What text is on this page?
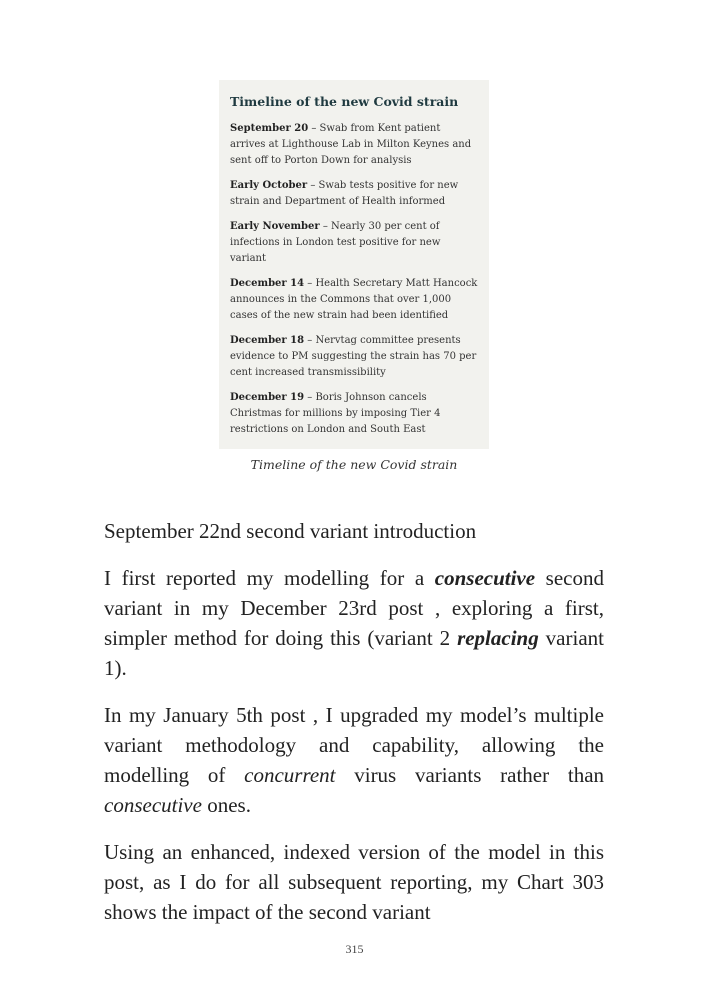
Timeline of the new Covid strain
September 20 – Swab from Kent patient arrives at Lighthouse Lab in Milton Keynes and sent off to Porton Down for analysis
Early October – Swab tests positive for new strain and Department of Health informed
Early November – Nearly 30 per cent of infections in London test positive for new variant
December 14 – Health Secretary Matt Hancock announces in the Commons that over 1,000 cases of the new strain had been identified
December 18 – Nervtag committee presents evidence to PM suggesting the strain has 70 per cent increased transmissibility
December 19 – Boris Johnson cancels Christmas for millions by imposing Tier 4 restrictions on London and South East
Timeline of the new Covid strain
September 22nd second variant introduction
I first reported my modelling for a consecutive second variant in my December 23rd post , exploring a first, simpler method for doing this (variant 2 replacing variant 1).
In my January 5th post , I upgraded my model’s multiple variant methodology and capability, allowing the modelling of concurrent virus variants rather than consecutive ones.
Using an enhanced, indexed version of the model in this post, as I do for all subsequent reporting, my Chart 303 shows the impact of the second variant
315
